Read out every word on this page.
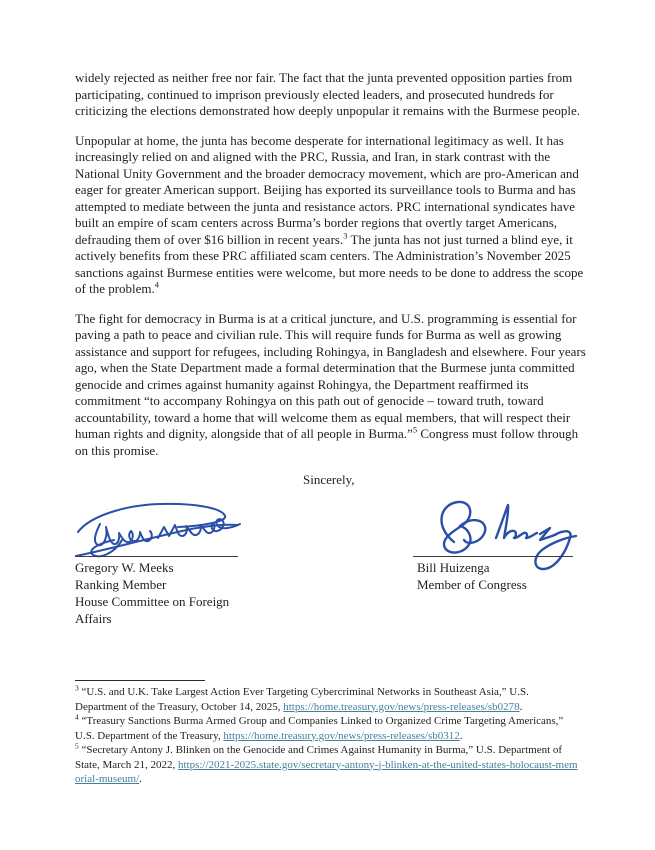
widely rejected as neither free nor fair. The fact that the junta prevented opposition parties from participating, continued to imprison previously elected leaders, and prosecuted hundreds for criticizing the elections demonstrated how deeply unpopular it remains with the Burmese people.

Unpopular at home, the junta has become desperate for international legitimacy as well. It has increasingly relied on and aligned with the PRC, Russia, and Iran, in stark contrast with the National Unity Government and the broader democracy movement, which are pro-American and eager for greater American support. Beijing has exported its surveillance tools to Burma and has attempted to mediate between the junta and resistance actors. PRC international syndicates have built an empire of scam centers across Burma’s border regions that overtly target Americans, defrauding them of over $16 billion in recent years.$^3$ The junta has not just turned a blind eye, it actively benefits from these PRC affiliated scam centers. The Administration’s November 2025 sanctions against Burmese entities were welcome, but more needs to be done to address the scope of the problem.$^4$

The fight for democracy in Burma is at a critical juncture, and U.S. programming is essential for paving a path to peace and civilian rule. This will require funds for Burma as well as growing assistance and support for refugees, including Rohingya, in Bangladesh and elsewhere. Four years ago, when the State Department made a formal determination that the Burmese junta committed genocide and crimes against humanity against Rohingya, the Department reaffirmed its commitment “to accompany Rohingya on this path out of genocide – toward truth, toward accountability, toward a home that will welcome them as equal members, that will respect their human rights and dignity, alongside that of all people in Burma.”$^5$ Congress must follow through on this promise.

Sincerely,
Gregory W. Meeks
Ranking Member
House Committee on Foreign Affairs
Bill Huizenga
Member of Congress
$^3$ “U.S. and U.K. Take Largest Action Ever Targeting Cybercriminal Networks in Southeast Asia,” U.S. Department of the Treasury, October 14, 2025, https://home.treasury.gov/news/press-releases/sb0278.
$^4$ “Treasury Sanctions Burma Armed Group and Companies Linked to Organized Crime Targeting Americans,” U.S. Department of the Treasury, https://home.treasury.gov/news/press-releases/sb0312.
$^5$ “Secretary Antony J. Blinken on the Genocide and Crimes Against Humanity in Burma,” U.S. Department of State, March 21, 2022, https://2021-2025.state.gov/secretary-antony-j-blinken-at-the-united-states-holocaust-memorial-museum/.
